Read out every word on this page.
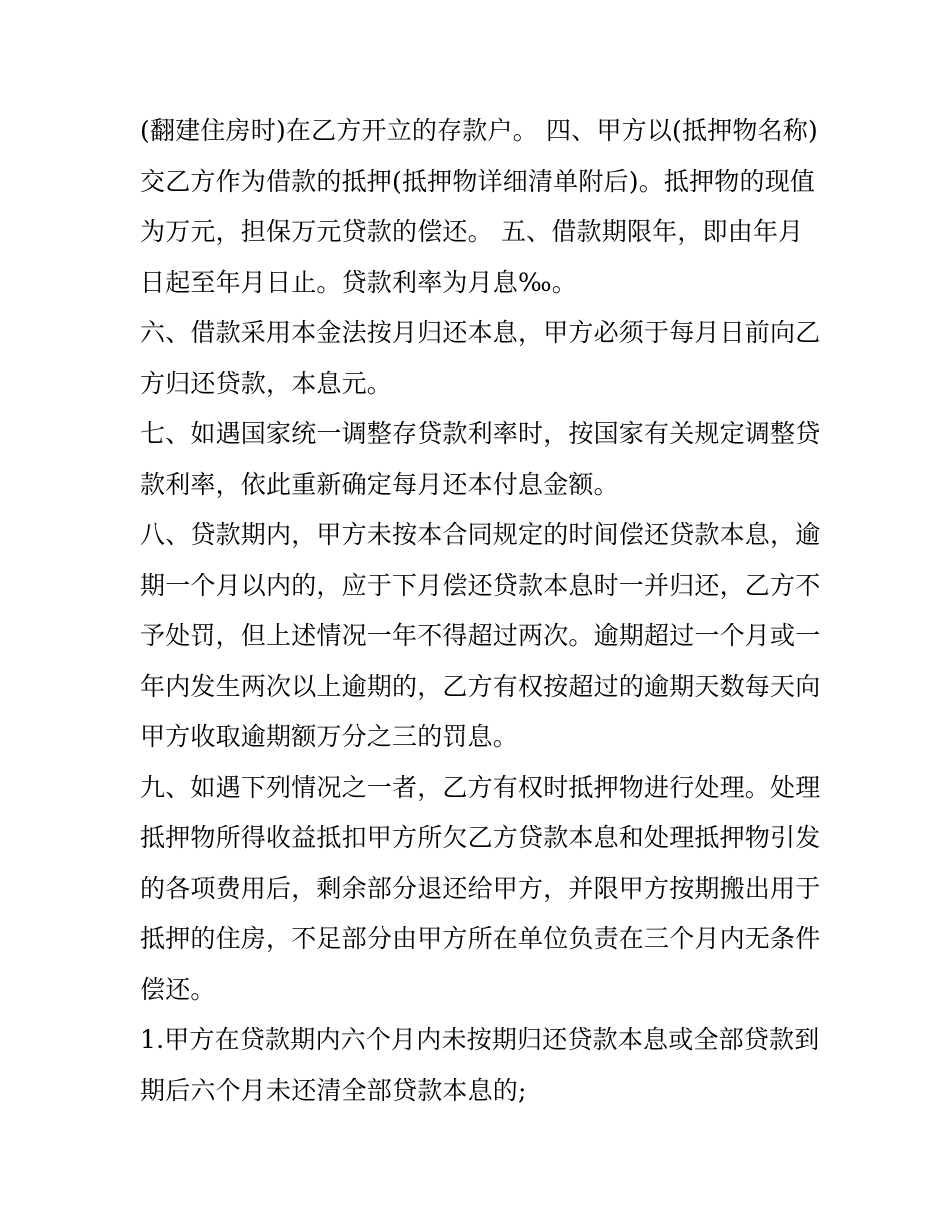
(翻建住房时)在乙方开立的存款户。 四、甲方以(抵押物名称)
交乙方作为借款的抵押(抵押物详细清单附后)。抵押物的现值
为万元，担保万元贷款的偿还。 五、借款期限年，即由年月
日起至年月日止。贷款利率为月息‰。
六、借款采用本金法按月归还本息，甲方必须于每月日前向乙
方归还贷款，本息元。
七、如遇国家统一调整存贷款利率时，按国家有关规定调整贷
款利率，依此重新确定每月还本付息金额。
八、贷款期内，甲方未按本合同规定的时间偿还贷款本息，逾
期一个月以内的，应于下月偿还贷款本息时一并归还，乙方不
予处罚，但上述情况一年不得超过两次。逾期超过一个月或一
年内发生两次以上逾期的，乙方有权按超过的逾期天数每天向
甲方收取逾期额万分之三的罚息。
九、如遇下列情况之一者，乙方有权时抵押物进行处理。处理
抵押物所得收益抵扣甲方所欠乙方贷款本息和处理抵押物引发
的各项费用后，剩余部分退还给甲方，并限甲方按期搬出用于
抵押的住房，不足部分由甲方所在单位负责在三个月内无条件
偿还。
1.甲方在贷款期内六个月内未按期归还贷款本息或全部贷款到
期后六个月未还清全部贷款本息的;
